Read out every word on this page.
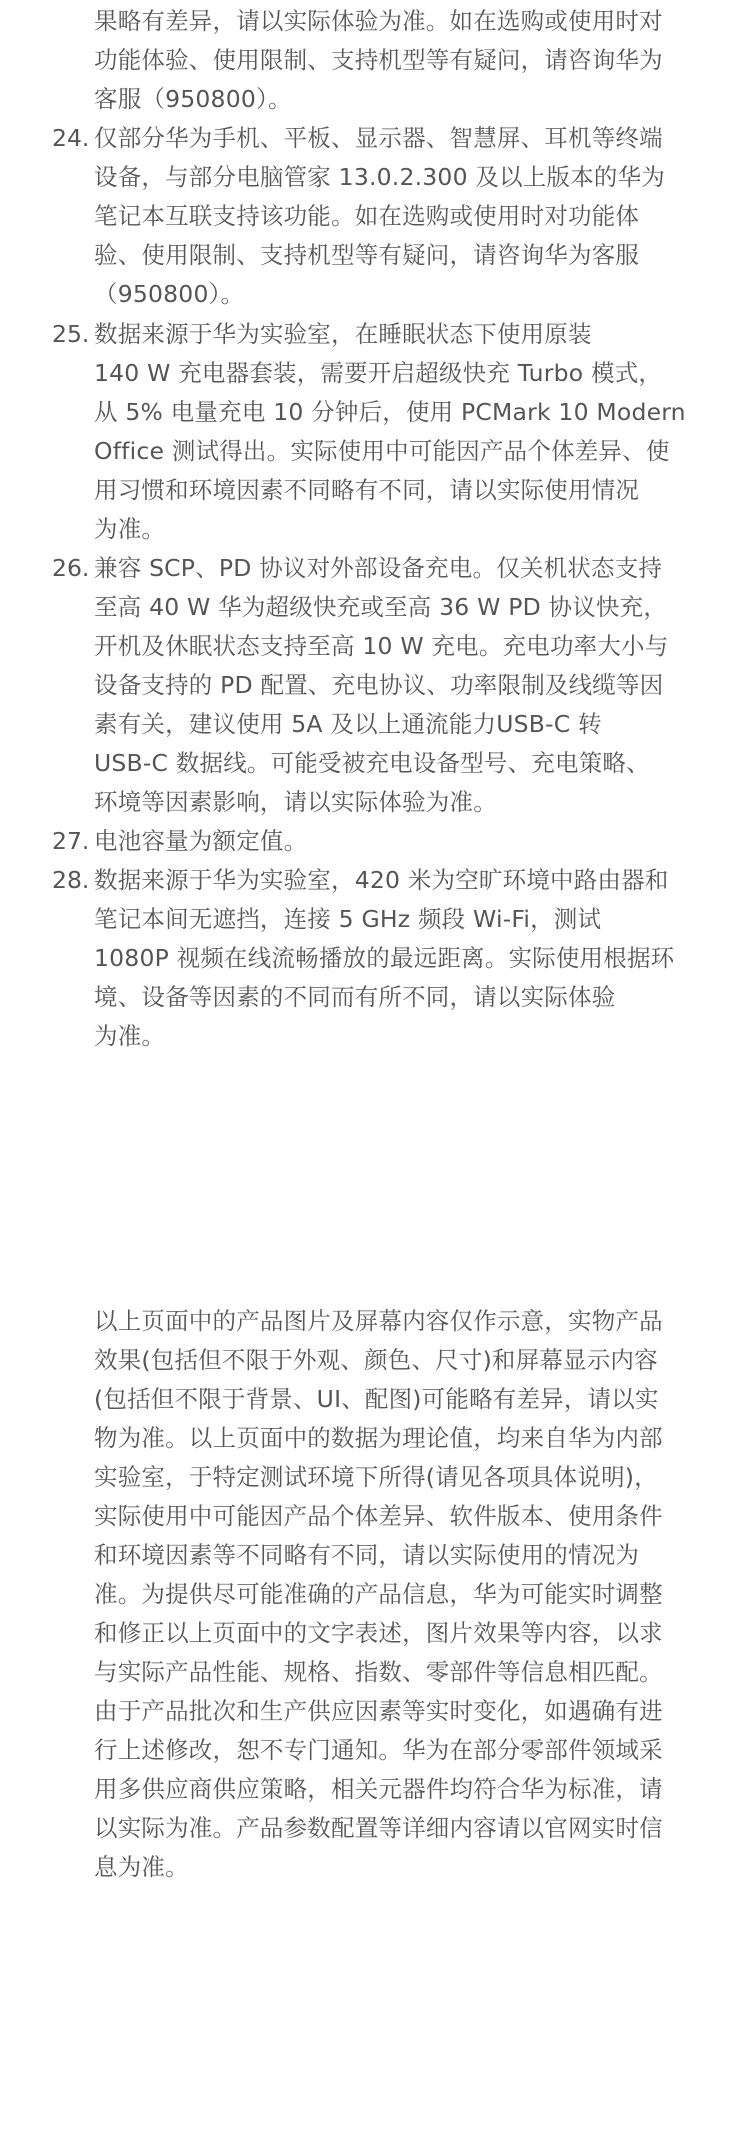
果略有差异，请以实际体验为准。如在选购或使用时对
功能体验、使用限制、支持机型等有疑问，请咨询华为
客服（950800）。
24. 仅部分华为手机、平板、显示器、智慧屏、耳机等终端
设备，与部分电脑管家 13.0.2.300 及以上版本的华为
笔记本互联支持该功能。如在选购或使用时对功能体
验、使用限制、支持机型等有疑问，请咨询华为客服
（950800）。
25. 数据来源于华为实验室，在睡眠状态下使用原装
140 W 充电器套装，需要开启超级快充 Turbo 模式，
从 5% 电量充电 10 分钟后，使用 PCMark 10 Modern
Office 测试得出。实际使用中可能因产品个体差异、使
用习惯和环境因素不同略有不同，请以实际使用情况
为准。
26. 兼容 SCP、PD 协议对外部设备充电。仅关机状态支持
至高 40 W 华为超级快充或至高 36 W PD 协议快充，
开机及休眠状态支持至高 10 W 充电。充电功率大小与
设备支持的 PD 配置、充电协议、功率限制及线缆等因
素有关，建议使用 5A 及以上通流能力USB-C 转
USB-C 数据线。可能受被充电设备型号、充电策略、
环境等因素影响，请以实际体验为准。
27. 电池容量为额定值。
28. 数据来源于华为实验室，420 米为空旷环境中路由器和
笔记本间无遮挡，连接 5 GHz 频段 Wi-Fi，测试
1080P 视频在线流畅播放的最远距离。实际使用根据环
境、设备等因素的不同而有所不同，请以实际体验
为准。
以上页面中的产品图片及屏幕内容仅作示意，实物产品
效果(包括但不限于外观、颜色、尺寸)和屏幕显示内容
(包括但不限于背景、UI、配图)可能略有差异，请以实
物为准。以上页面中的数据为理论值，均来自华为内部
实验室，于特定测试环境下所得(请见各项具体说明)，
实际使用中可能因产品个体差异、软件版本、使用条件
和环境因素等不同略有不同，请以实际使用的情况为
准。为提供尽可能准确的产品信息，华为可能实时调整
和修正以上页面中的文字表述，图片效果等内容，以求
与实际产品性能、规格、指数、零部件等信息相匹配。
由于产品批次和生产供应因素等实时变化，如遇确有进
行上述修改，恕不专门通知。华为在部分零部件领域采
用多供应商供应策略，相关元器件均符合华为标准，请
以实际为准。产品参数配置等详细内容请以官网实时信
息为准。
